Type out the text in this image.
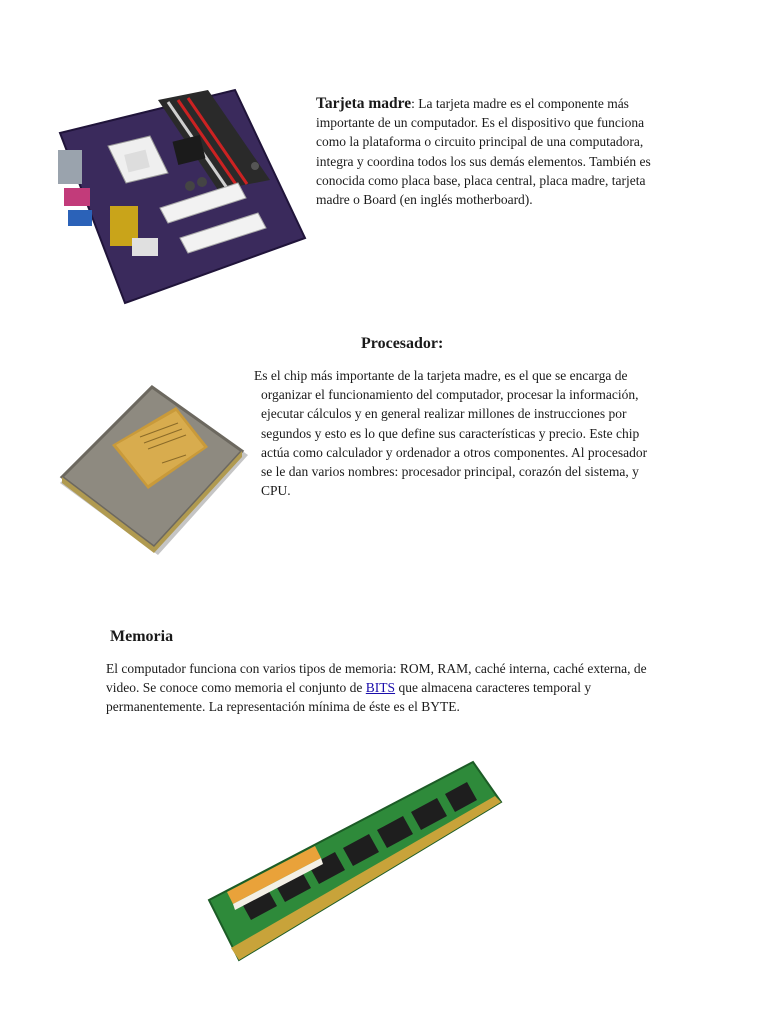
Tarjeta madre: La tarjeta madre es el componente más importante de un computador. Es el dispositivo que funciona como la plataforma o circuito principal de una computadora, integra y coordina todos los sus demás elementos. También es conocida como placa base, placa central, placa madre, tarjeta madre o Board (en inglés motherboard).

Procesador:

Es el chip más importante de la tarjeta madre, es el que se encarga de organizar el funcionamiento del computador, procesar la información, ejecutar cálculos y en general realizar millones de instrucciones por segundos y esto es lo que define sus características y precio. Este chip actúa como calculador y ordenador a otros componentes. Al procesador se le dan varios nombres: procesador principal, corazón del sistema, y CPU.

Memoria

El computador funciona con varios tipos de memoria: ROM, RAM, caché interna, caché externa, de video. Se conoce como memoria el conjunto de BITS que almacena caracteres temporal y permanentemente. La representación mínima de éste es el BYTE.
